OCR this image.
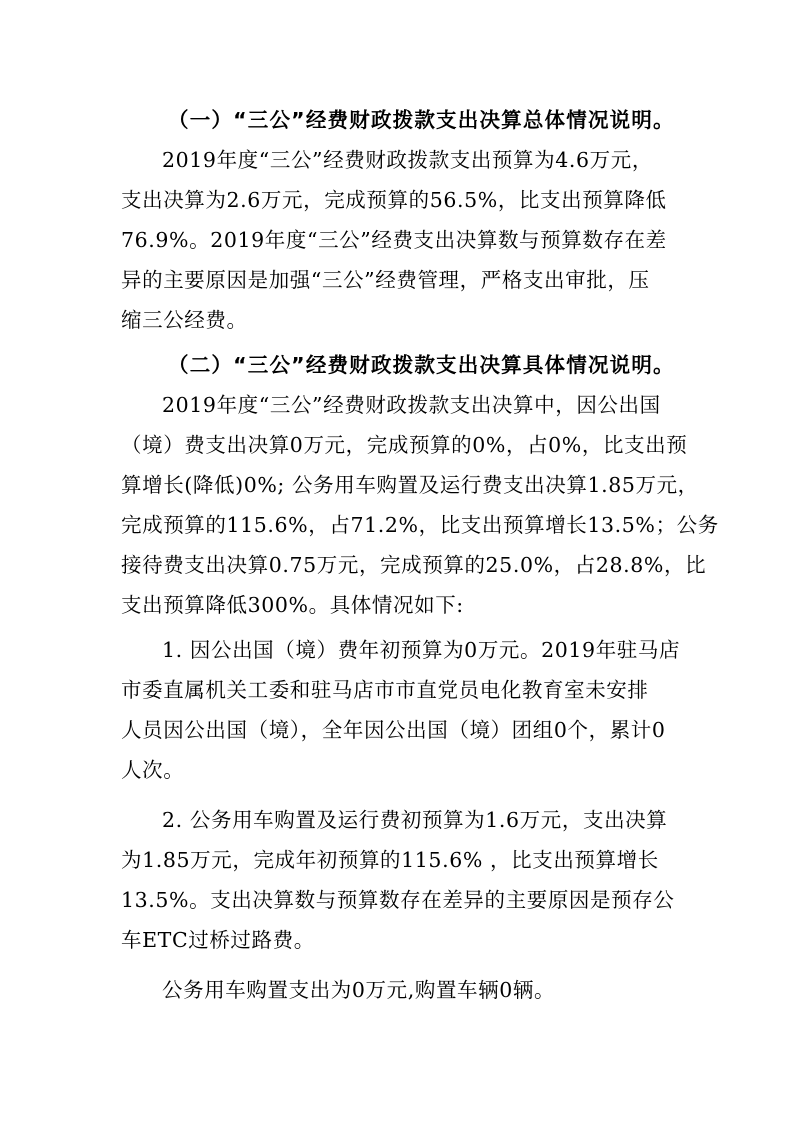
（一）“三公”经费财政拨款支出决算总体情况说明。

2019年度“三公”经费财政拨款支出预算为4.6万元，

支出决算为2.6万元，完成预算的56.5%，比支出预算降低

76.9%。2019年度“三公”经费支出决算数与预算数存在差

异的主要原因是加强“三公”经费管理，严格支出审批，压

缩三公经费。

（二）“三公”经费财政拨款支出决算具体情况说明。

2019年度“三公”经费财政拨款支出决算中，因公出国

（境）费支出决算0万元，完成预算的0%，占0%，比支出预

算增长(降低)0%; 公务用车购置及运行费支出决算1.85万元，

完成预算的115.6%，占71.2%，比支出预算增长13.5%；公务

接待费支出决算0.75万元，完成预算的25.0%，占28.8%，比

支出预算降低300%。具体情况如下:

1. 因公出国（境）费年初预算为0万元。2019年驻马店

市委直属机关工委和驻马店市市直党员电化教育室未安排

人员因公出国（境），全年因公出国（境）团组0个，累计0

人次。

2. 公务用车购置及运行费初预算为1.6万元，支出决算

为1.85万元，完成年初预算的115.6% ，比支出预算增长

13.5%。支出决算数与预算数存在差异的主要原因是预存公

车ETC过桥过路费。

公务用车购置支出为0万元,购置车辆0辆。
